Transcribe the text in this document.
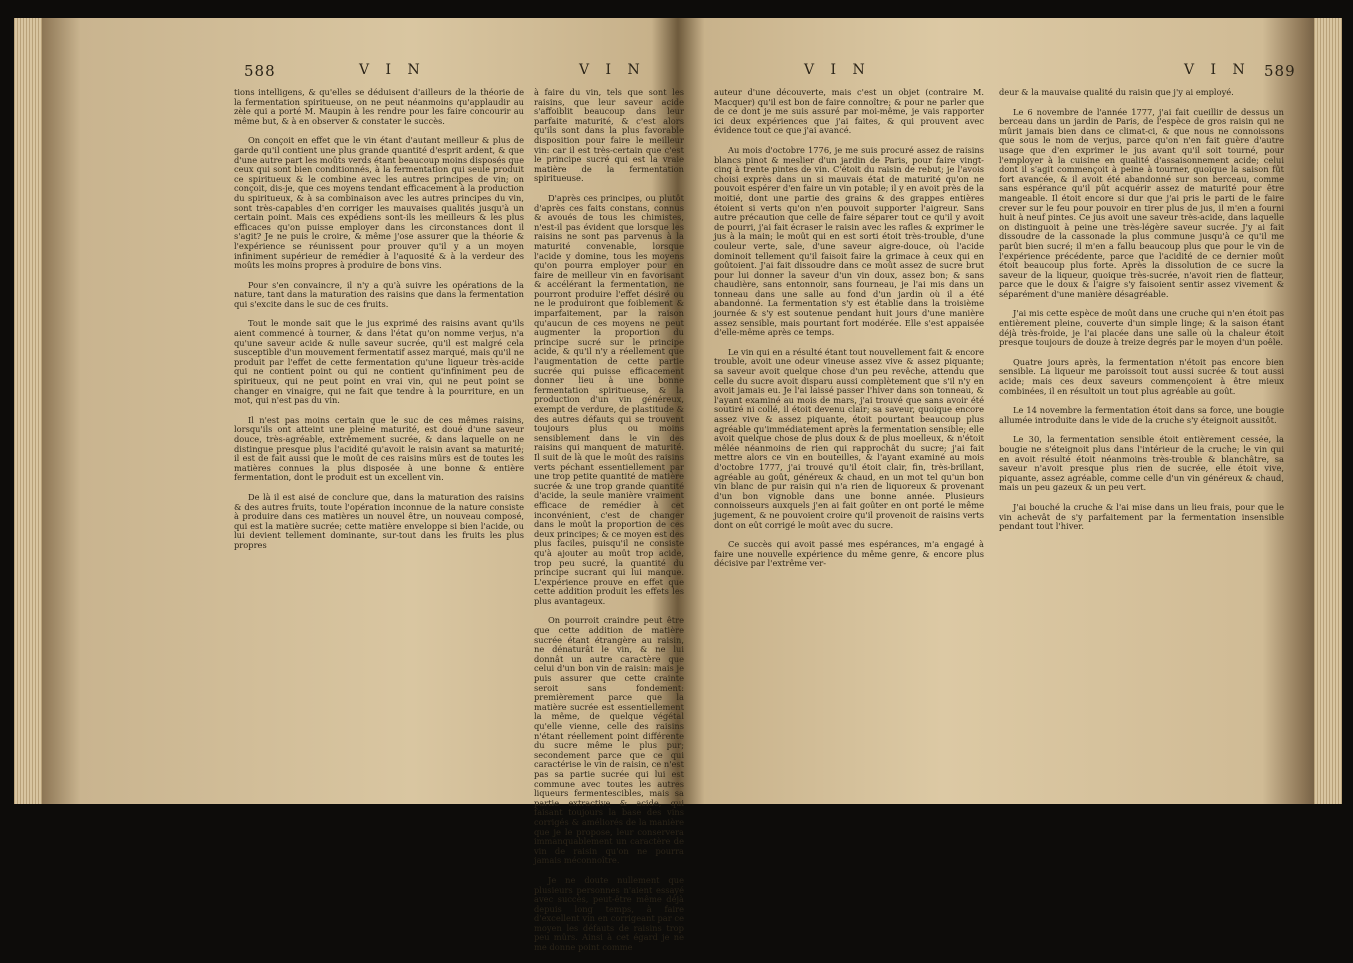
588	V I N	V I N

tions intelligens, & qu'elles se déduisent d'ailleurs de la théorie de la fermentation spiritueuse, on ne peut néanmoins qu'applaudir au zèle qui a porté M. Maupin à les rendre pour les faire concourir au même but, & à en observer & constater le succès.

On conçoit en effet que le vin étant d'autant meilleur & plus de garde qu'il contient une plus grande quantité d'esprit ardent, & que d'une autre part les moûts verds étant beaucoup moins disposés que ceux qui sont bien conditionnés, à la fermentation qui seule produit ce spiritueux & le combine avec les autres principes de vin; on conçoit, dis-je, que ces moyens tendant efficacement à la production du spiritueux, & à sa combinaison avec les autres principes du vin, sont très-capables d'en corriger les mauvaises qualités jusqu'à un certain point. Mais ces expédiens sont-ils les meilleurs & les plus efficaces qu'on puisse employer dans les circonstances dont il s'agit? Je ne puis le croire, & même j'ose assurer que la théorie & l'expérience se réunissent pour prouver qu'il y a un moyen infiniment supérieur de remédier à l'aquosité & à la verdeur des moûts les moins propres à produire de bons vins.

Pour s'en convaincre, il n'y a qu'à suivre les opérations de la nature, tant dans la maturation des raisins que dans la fermentation qui s'excite dans le suc de ces fruits.

Tout le monde sait que le jus exprimé des raisins avant qu'ils aient commencé à tourner, & dans l'état qu'on nomme verjus, n'a qu'une saveur acide & nulle saveur sucrée, qu'il est malgré cela susceptible d'un mouvement fermentatif assez marqué, mais qu'il ne produit par l'effet de cette fermentation qu'une liqueur très-acide qui ne contient point ou qui ne contient qu'infiniment peu de spiritueux, qui ne peut point en vrai vin, qui ne peut point se changer en vinaigre, qui ne fait que tendre à la pourriture, en un mot, qui n'est pas du vin.

Il n'est pas moins certain que le suc de ces mêmes raisins, lorsqu'ils ont atteint une pleine maturité, est doué d'une saveur douce, très-agréable, extrêmement sucrée, & dans laquelle on ne distingue presque plus l'acidité qu'avoit le raisin avant sa maturité; il est de fait aussi que le moût de ces raisins mûrs est de toutes les matières connues la plus disposée à une bonne & entière fermentation, dont le produit est un excellent vin.

De là il est aisé de conclure que, dans la maturation des raisins & des autres fruits, toute l'opération inconnue de la nature consiste à produire dans ces matières un nouvel être, un nouveau composé, qui est la matière sucrée; cette matière enveloppe si bien l'acide, ou lui devient tellement dominante, sur-tout dans les fruits les plus propres

à faire du vin, tels que sont les raisins, que leur saveur acide s'affoiblit beaucoup dans leur parfaite maturité, & c'est alors qu'ils sont dans la plus favorable disposition pour faire le meilleur vin: car il est très-certain que c'est le principe sucré qui est la vraie matière de la fermentation spiritueuse.

D'après ces principes, ou plutôt d'après ces faits constans, connus & avoués de tous les chimistes, n'est-il pas évident que lorsque les raisins ne sont pas parvenus à la maturité convenable, lorsque l'acide y domine, tous les moyens qu'on pourra employer pour en faire de meilleur vin en favorisant & accélérant la fermentation, ne pourront produire l'effet désiré ou ne le produiront que foiblement & imparfaitement, par la raison qu'aucun de ces moyens ne peut augmenter la proportion du principe sucré sur le principe acide, & qu'il n'y a réellement que l'augmentation de cette partie sucrée qui puisse efficacement donner lieu à une bonne fermentation spiritueuse, & la production d'un vin généreux, exempt de verdure, de plastitude & des autres défauts qui se trouvent toujours plus ou moins sensiblement dans le vin des raisins qui manquent de maturité. Il suit de là que le moût des raisins verts péchant essentiellement par une trop petite quantité de matière sucrée & une trop grande quantité d'acide, la seule manière vraiment efficace de remédier à cet inconvénient, c'est de changer dans le moût la proportion de ces deux principes; & ce moyen est des plus faciles, puisqu'il ne consiste qu'à ajouter au moût trop acide, trop peu sucré, la quantité du principe sucrant qui lui manque. L'expérience prouve en effet que cette addition produit les effets les plus avantageux.

On pourroit craindre peut être que cette addition de matière sucrée étant étrangère au raisin, ne dénaturât le vin, & ne lui donnât un autre caractère que celui d'un bon vin de raisin: mais je puis assurer que cette crainte seroit sans fondement: premièrement parce que la matière sucrée est essentiellement la même, de quelque végétal qu'elle vienne, celle des raisins n'étant réellement point différente du sucre même le plus pur; secondement parce que ce qui caractérise le vin de raisin, ce n'est pas sa partie sucrée qui lui est commune avec toutes les autres liqueurs fermentescibles, mais sa partie extractive & acide, qui faisant toujours la base des vins corrigés & améliorés de la manière que je le propose, leur conservera immanquablement un caractère de vin de raisin qu'on ne pourra jamais méconnoître.

Je ne doute nullement que plusieurs personnes n'aient essayé avec succès, peut-être même déjà depuis long temps, à faire d'excellent vin en corrigeant par ce moyen les défauts de raisins trop peu mûrs. Ainsi à cet égard je ne me donne point comme

V I N	V I N 589

auteur d'une découverte, mais c'est un objet (contraire M. Macquer) qu'il est bon de faire connoître; & pour ne parler que de ce dont je me suis assuré par moi-même, je vais rapporter ici deux expériences que j'ai faites, & qui prouvent avec évidence tout ce que j'ai avancé.

Au mois d'octobre 1776, je me suis procuré assez de raisins blancs pinot & meslier d'un jardin de Paris, pour faire vingt-cinq à trente pintes de vin. C'étoit du raisin de rebut; je l'avois choisi exprès dans un si mauvais état de maturité qu'on ne pouvoit espérer d'en faire un vin potable; il y en avoit près de la moitié, dont une partie des grains & des grappes entières étoient si verts qu'on n'en pouvoit supporter l'aigreur. Sans autre précaution que celle de faire séparer tout ce qu'il y avoit de pourri, j'ai fait écraser le raisin avec les rafles & exprimer le jus à la main; le moût qui en est sorti étoit très-trouble, d'une couleur verte, sale, d'une saveur aigre-douce, où l'acide dominoit tellement qu'il faisoit faire la grimace à ceux qui en goûtoient. J'ai fait dissoudre dans ce moût assez de sucre brut pour lui donner la saveur d'un vin doux, assez bon; & sans chaudière, sans entonnoir, sans fourneau, je l'ai mis dans un tonneau dans une salle au fond d'un jardin où il a été abandonné. La fermentation s'y est établie dans la troisième journée & s'y est soutenue pendant huit jours d'une manière assez sensible, mais pourtant fort modérée. Elle s'est appaisée d'elle-même après ce temps.

Le vin qui en a résulté étant tout nouvellement fait & encore trouble, avoit une odeur vineuse assez vive & assez piquante; sa saveur avoit quelque chose d'un peu revêche, attendu que celle du sucre avoit disparu aussi complètement que s'il n'y en avoit jamais eu. Je l'ai laissé passer l'hiver dans son tonneau, & l'ayant examiné au mois de mars, j'ai trouvé que sans avoir été soutiré ni collé, il étoit devenu clair; sa saveur, quoique encore assez vive & assez piquante, étoit pourtant beaucoup plus agréable qu'immédiatement après la fermentation sensible; elle avoit quelque chose de plus doux & de plus moelleux, & n'étoit mêlée néanmoins de rien qui rapprochât du sucre; j'ai fait mettre alors ce vin en bouteilles, & l'ayant examiné au mois d'octobre 1777, j'ai trouvé qu'il étoit clair, fin, très-brillant, agréable au goût, généreux & chaud, en un mot tel qu'un bon vin blanc de pur raisin qui n'a rien de liquoreux & provenant d'un bon vignoble dans une bonne année. Plusieurs connoisseurs auxquels j'en ai fait goûter en ont porté le même jugement, & ne pouvoient croire qu'il provenoit de raisins verts dont on eût corrigé le moût avec du sucre.

Ce succès qui avoit passé mes espérances, m'a engagé à faire une nouvelle expérience du même genre, & encore plus décisive par l'extrême ver-

deur & la mauvaise qualité du raisin que j'y ai employé.

Le 6 novembre de l'année 1777, j'ai fait cueillir de dessus un berceau dans un jardin de Paris, de l'espèce de gros raisin qui ne mûrit jamais bien dans ce climat-ci, & que nous ne connoissons que sous le nom de verjus, parce qu'on n'en fait guère d'autre usage que d'en exprimer le jus avant qu'il soit tourné, pour l'employer à la cuisine en qualité d'assaisonnement acide; celui dont il s'agit commençoit à peine à tourner, quoique la saison fût fort avancée, & il avoit été abandonné sur son berceau, comme sans espérance qu'il pût acquérir assez de maturité pour être mangeable. Il étoit encore si dur que j'ai pris le parti de le faire crever sur le feu pour pouvoir en tirer plus de jus, il m'en a fourni huit à neuf pintes. Ce jus avoit une saveur très-acide, dans laquelle on distinguoit à peine une très-légère saveur sucrée. J'y ai fait dissoudre de la cassonade la plus commune jusqu'à ce qu'il me parût bien sucré; il m'en a fallu beaucoup plus que pour le vin de l'expérience précédente, parce que l'acidité de ce dernier moût étoit beaucoup plus forte. Après la dissolution de ce sucre la saveur de la liqueur, quoique très-sucrée, n'avoit rien de flatteur, parce que le doux & l'aigre s'y faisoient sentir assez vivement & séparément d'une manière désagréable.

J'ai mis cette espèce de moût dans une cruche qui n'en étoit pas entièrement pleine, couverte d'un simple linge; & la saison étant déjà très-froide, je l'ai placée dans une salle où la chaleur étoit presque toujours de douze à treize degrés par le moyen d'un poêle.

Quatre jours après, la fermentation n'étoit pas encore bien sensible. La liqueur me paroissoit tout aussi sucrée & tout aussi acide; mais ces deux saveurs commençoient à être mieux combinées, il en résultoit un tout plus agréable au goût.

Le 14 novembre la fermentation étoit dans sa force, une bougie allumée introduite dans le vide de la cruche s'y éteignoit aussitôt.

Le 30, la fermentation sensible étoit entièrement cessée, la bougie ne s'éteignoit plus dans l'intérieur de la cruche; le vin qui en avoit résulté étoit néanmoins très-trouble & blanchâtre, sa saveur n'avoit presque plus rien de sucrée, elle étoit vive, piquante, assez agréable, comme celle d'un vin généreux & chaud, mais un peu gazeux & un peu vert.

J'ai bouché la cruche & l'ai mise dans un lieu frais, pour que le vin achevât de s'y parfaitement par la fermentation insensible pendant tout l'hiver.
